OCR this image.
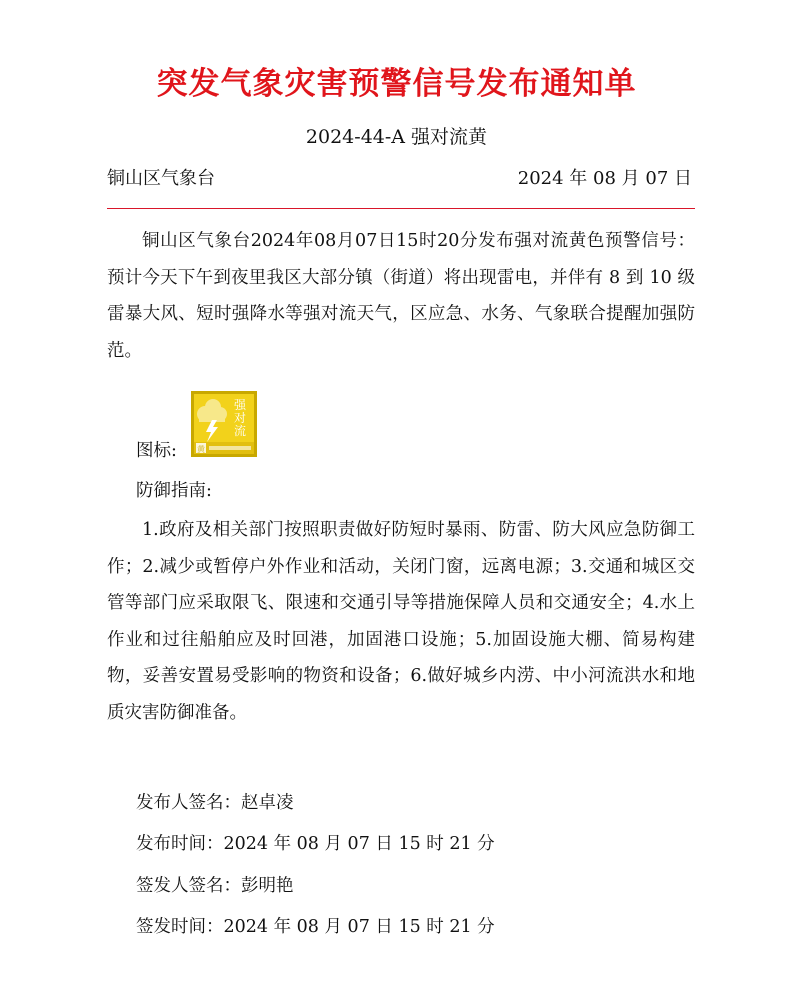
突发气象灾害预警信号发布通知单
2024-44-A 强对流黄
铜山区气象台	2024 年 08 月 07 日

铜山区气象台2024年08月07日15时20分发布强对流黄色预警信号：预计今天下午到夜里我区大部分镇（街道）将出现雷电，并伴有 8 到 10 级雷暴大风、短时强降水等强对流天气，区应急、水务、气象联合提醒加强防范。

图标:
强
对
流
黄
防御指南:

1.政府及相关部门按照职责做好防短时暴雨、防雷、防大风应急防御工作；2.减少或暂停户外作业和活动，关闭门窗，远离电源；3.交通和城区交管等部门应采取限飞、限速和交通引导等措施保障人员和交通安全；4.水上作业和过往船舶应及时回港，加固港口设施；5.加固设施大棚、简易构建物，妥善安置易受影响的物资和设备；6.做好城乡内涝、中小河流洪水和地质灾害防御准备。

发布人签名：赵卓凌
发布时间：2024 年 08 月 07 日 15 时 21 分
签发人签名：彭明艳
签发时间：2024 年 08 月 07 日 15 时 21 分
